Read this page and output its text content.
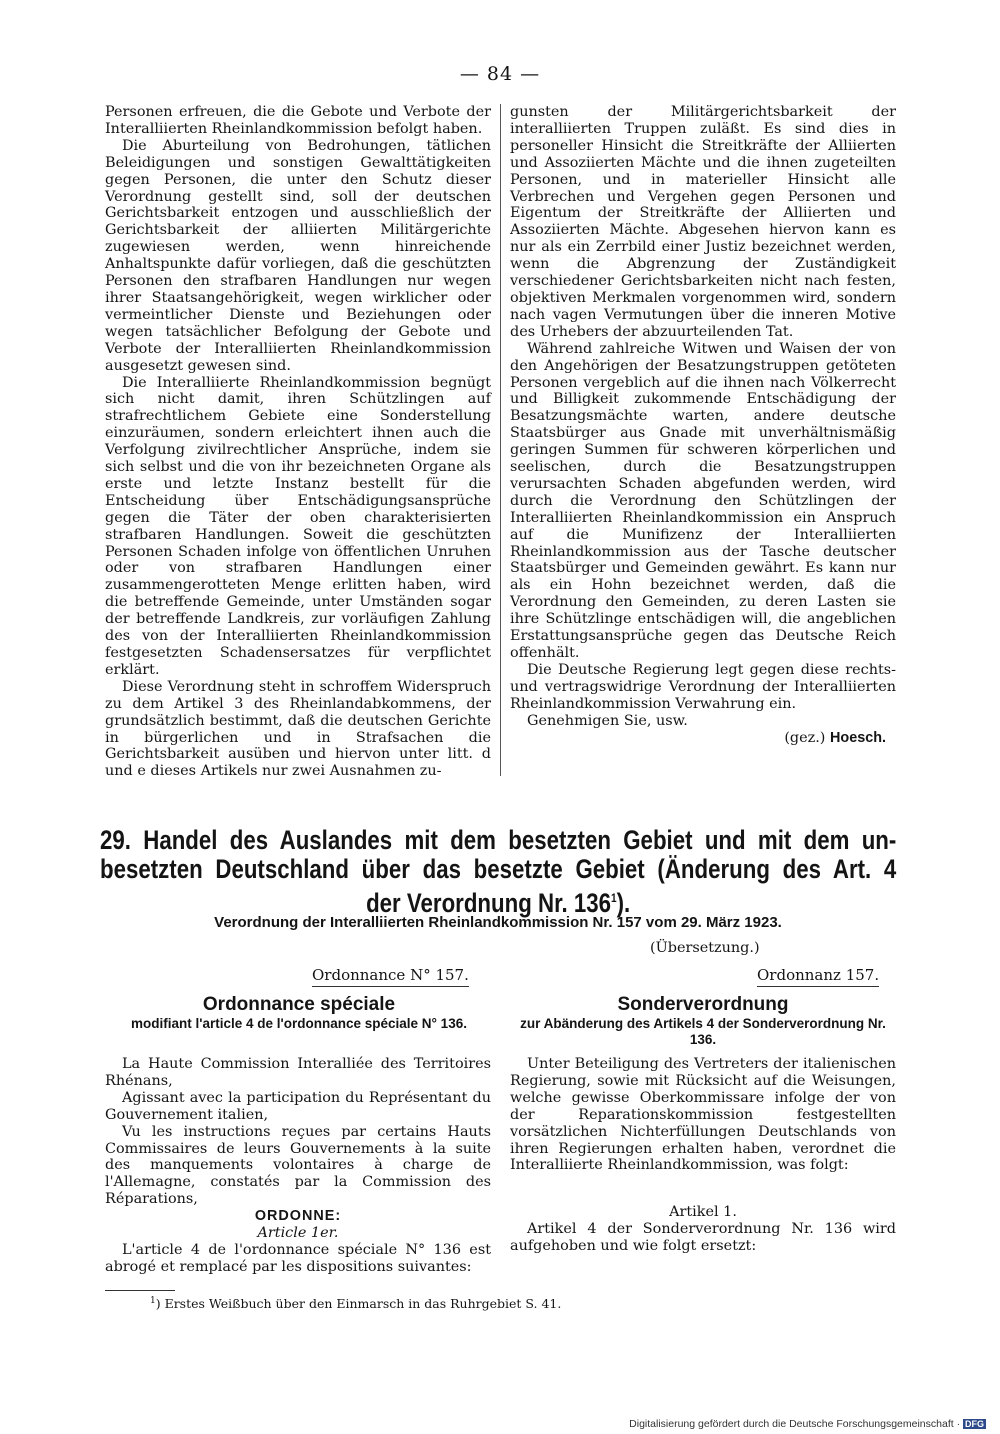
— 84 —

Personen erfreuen, die die Gebote und Verbote der Interalliierten Rheinlandkommission befolgt haben.

Die Aburteilung von Bedrohungen, tätlichen Beleidigungen und sonstigen Gewalttätigkeiten gegen Personen, die unter den Schutz dieser Verordnung gestellt sind, soll der deutschen Gerichtsbarkeit entzogen und ausschließlich der Gerichtsbarkeit der alliierten Militärgerichte zugewiesen werden, wenn hinreichende Anhaltspunkte dafür vorliegen, daß die geschützten Personen den strafbaren Handlungen nur wegen ihrer Staatsangehörigkeit, wegen wirklicher oder vermeintlicher Dienste und Beziehungen oder wegen tatsächlicher Befolgung der Gebote und Verbote der Interalliierten Rheinlandkommission ausgesetzt gewesen sind.

Die Interalliierte Rheinlandkommission begnügt sich nicht damit, ihren Schützlingen auf strafrechtlichem Gebiete eine Sonderstellung einzuräumen, sondern erleichtert ihnen auch die Verfolgung zivilrechtlicher Ansprüche, indem sie sich selbst und die von ihr bezeichneten Organe als erste und letzte Instanz bestellt für die Entscheidung über Entschädigungsansprüche gegen die Täter der oben charakterisierten strafbaren Handlungen. Soweit die geschützten Personen Schaden infolge von öffentlichen Unruhen oder von strafbaren Handlungen einer zusammengerotteten Menge erlitten haben, wird die betreffende Gemeinde, unter Umständen sogar der betreffende Landkreis, zur vorläufigen Zahlung des von der Interalliierten Rheinlandkommission festgesetzten Schadensersatzes für verpflichtet erklärt.

Diese Verordnung steht in schroffem Widerspruch zu dem Artikel 3 des Rheinlandabkommens, der grundsätzlich bestimmt, daß die deutschen Gerichte in bürgerlichen und in Strafsachen die Gerichtsbarkeit ausüben und hiervon unter litt. d und e dieses Artikels nur zwei Ausnahmen zu-

gunsten der Militärgerichtsbarkeit der interalliierten Truppen zuläßt. Es sind dies in personeller Hinsicht die Streitkräfte der Alliierten und Assoziierten Mächte und die ihnen zugeteilten Personen, und in materieller Hinsicht alle Verbrechen und Vergehen gegen Personen und Eigentum der Streitkräfte der Alliierten und Assoziierten Mächte. Abgesehen hiervon kann es nur als ein Zerrbild einer Justiz bezeichnet werden, wenn die Abgrenzung der Zuständigkeit verschiedener Gerichtsbarkeiten nicht nach festen, objektiven Merkmalen vorgenommen wird, sondern nach vagen Vermutungen über die inneren Motive des Urhebers der abzuurteilenden Tat.

Während zahlreiche Witwen und Waisen der von den Angehörigen der Besatzungstruppen getöteten Personen vergeblich auf die ihnen nach Völkerrecht und Billigkeit zukommende Entschädigung der Besatzungsmächte warten, andere deutsche Staatsbürger aus Gnade mit unverhältnismäßig geringen Summen für schweren körperlichen und seelischen, durch die Besatzungstruppen verursachten Schaden abgefunden werden, wird durch die Verordnung den Schützlingen der Interalliierten Rheinlandkommission ein Anspruch auf die Munifizenz der Interalliierten Rheinlandkommission aus der Tasche deutscher Staatsbürger und Gemeinden gewährt. Es kann nur als ein Hohn bezeichnet werden, daß die Verordnung den Gemeinden, zu deren Lasten sie ihre Schützlinge entschädigen will, die angeblichen Erstattungsansprüche gegen das Deutsche Reich offenhält.

Die Deutsche Regierung legt gegen diese rechts- und vertragswidrige Verordnung der Interalliierten Rheinlandkommission Verwahrung ein.

Genehmigen Sie, usw.

(gez.) Hoesch.

29. Handel des Auslandes mit dem besetzten Gebiet und mit dem un-
besetzten Deutschland über das besetzte Gebiet (Änderung des Art. 4
der Verordnung Nr. $136^1$).
Verordnung der Interalliierten Rheinlandkommission Nr. 157 vom 29. März 1923.
(Übersetzung.)
Ordonnance N° 157.	Ordonnanz 157.
Ordonnance spéciale
modifiant l'article 4 de l'ordonnance spéciale N° 136.
Sonderverordnung
zur Abänderung des Artikels 4 der Sonderverordnung Nr. 136.

La Haute Commission Interalliée des Territoires Rhénans,

Agissant avec la participation du Représentant du Gouvernement italien,

Vu les instructions reçues par certains Hauts Commissaires de leurs Gouvernements à la suite des manquements volontaires à charge de l'Allemagne, constatés par la Commission des Réparations,

ORDONNE:

Article 1er.

L'article 4 de l'ordonnance spéciale N° 136 est abrogé et remplacé par les dispositions suivantes:

Unter Beteiligung des Vertreters der italienischen Regierung, sowie mit Rücksicht auf die Weisungen, welche gewisse Oberkommissare infolge der von der Reparationskommission festgestellten vorsätzlichen Nichterfüllungen Deutschlands von ihren Regierungen erhalten haben, verordnet die Interalliierte Rheinlandkommission, was folgt:

Artikel 1.

Artikel 4 der Sonderverordnung Nr. 136 wird aufgehoben und wie folgt ersetzt:

$^1$) Erstes Weißbuch über den Einmarsch in das Ruhrgebiet S. 41.
Digitalisierung gefördert durch die Deutsche Forschungsgemeinschaft · DFG
